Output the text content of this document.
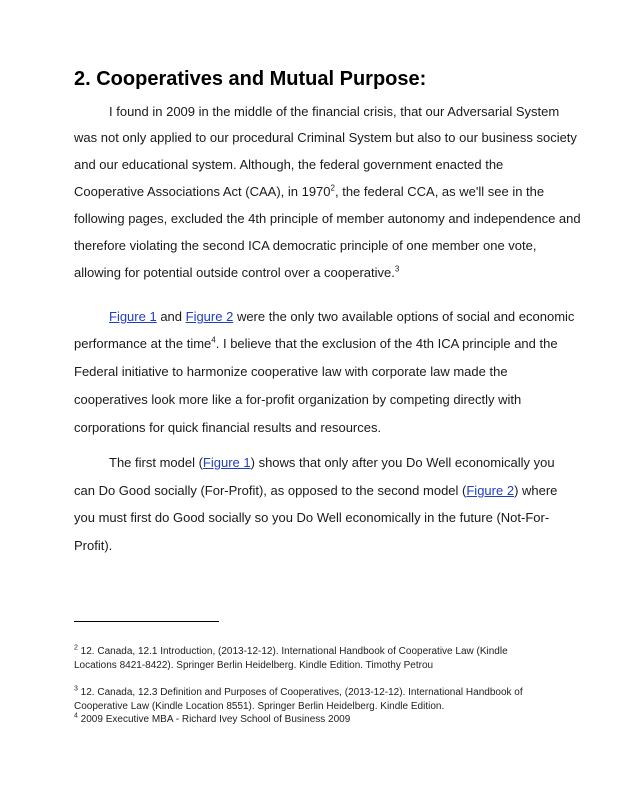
2. Cooperatives and Mutual Purpose:
I found in 2009 in the middle of the financial crisis, that our Adversarial System
was not only applied to our procedural Criminal System but also to our business society
and our educational system. Although, the federal government enacted the
Cooperative Associations Act (CAA), in 1970$^2$, the federal CCA, as we'll see in the
following pages, excluded the 4th principle of member autonomy and independence and
therefore violating the second ICA democratic principle of one member one vote,
allowing for potential outside control over a cooperative.$^3$
Figure 1 and Figure 2 were the only two available options of social and economic
performance at the time$^4$. I believe that the exclusion of the 4th ICA principle and the
Federal initiative to harmonize cooperative law with corporate law made the
cooperatives look more like a for-profit organization by competing directly with
corporations for quick financial results and resources.
The first model (Figure 1) shows that only after you Do Well economically you
can Do Good socially (For-Profit), as opposed to the second model (Figure 2) where
you must first do Good socially so you Do Well economically in the future (Not-For-
Profit).
$^2$ 12. Canada, 12.1 Introduction, (2013-12-12). International Handbook of Cooperative Law (Kindle
Locations 8421-8422). Springer Berlin Heidelberg. Kindle Edition. Timothy Petrou
$^3$ 12. Canada, 12.3 Definition and Purposes of Cooperatives, (2013-12-12). International Handbook of
Cooperative Law (Kindle Location 8551). Springer Berlin Heidelberg. Kindle Edition.
$^4$ 2009 Executive MBA - Richard Ivey School of Business 2009
